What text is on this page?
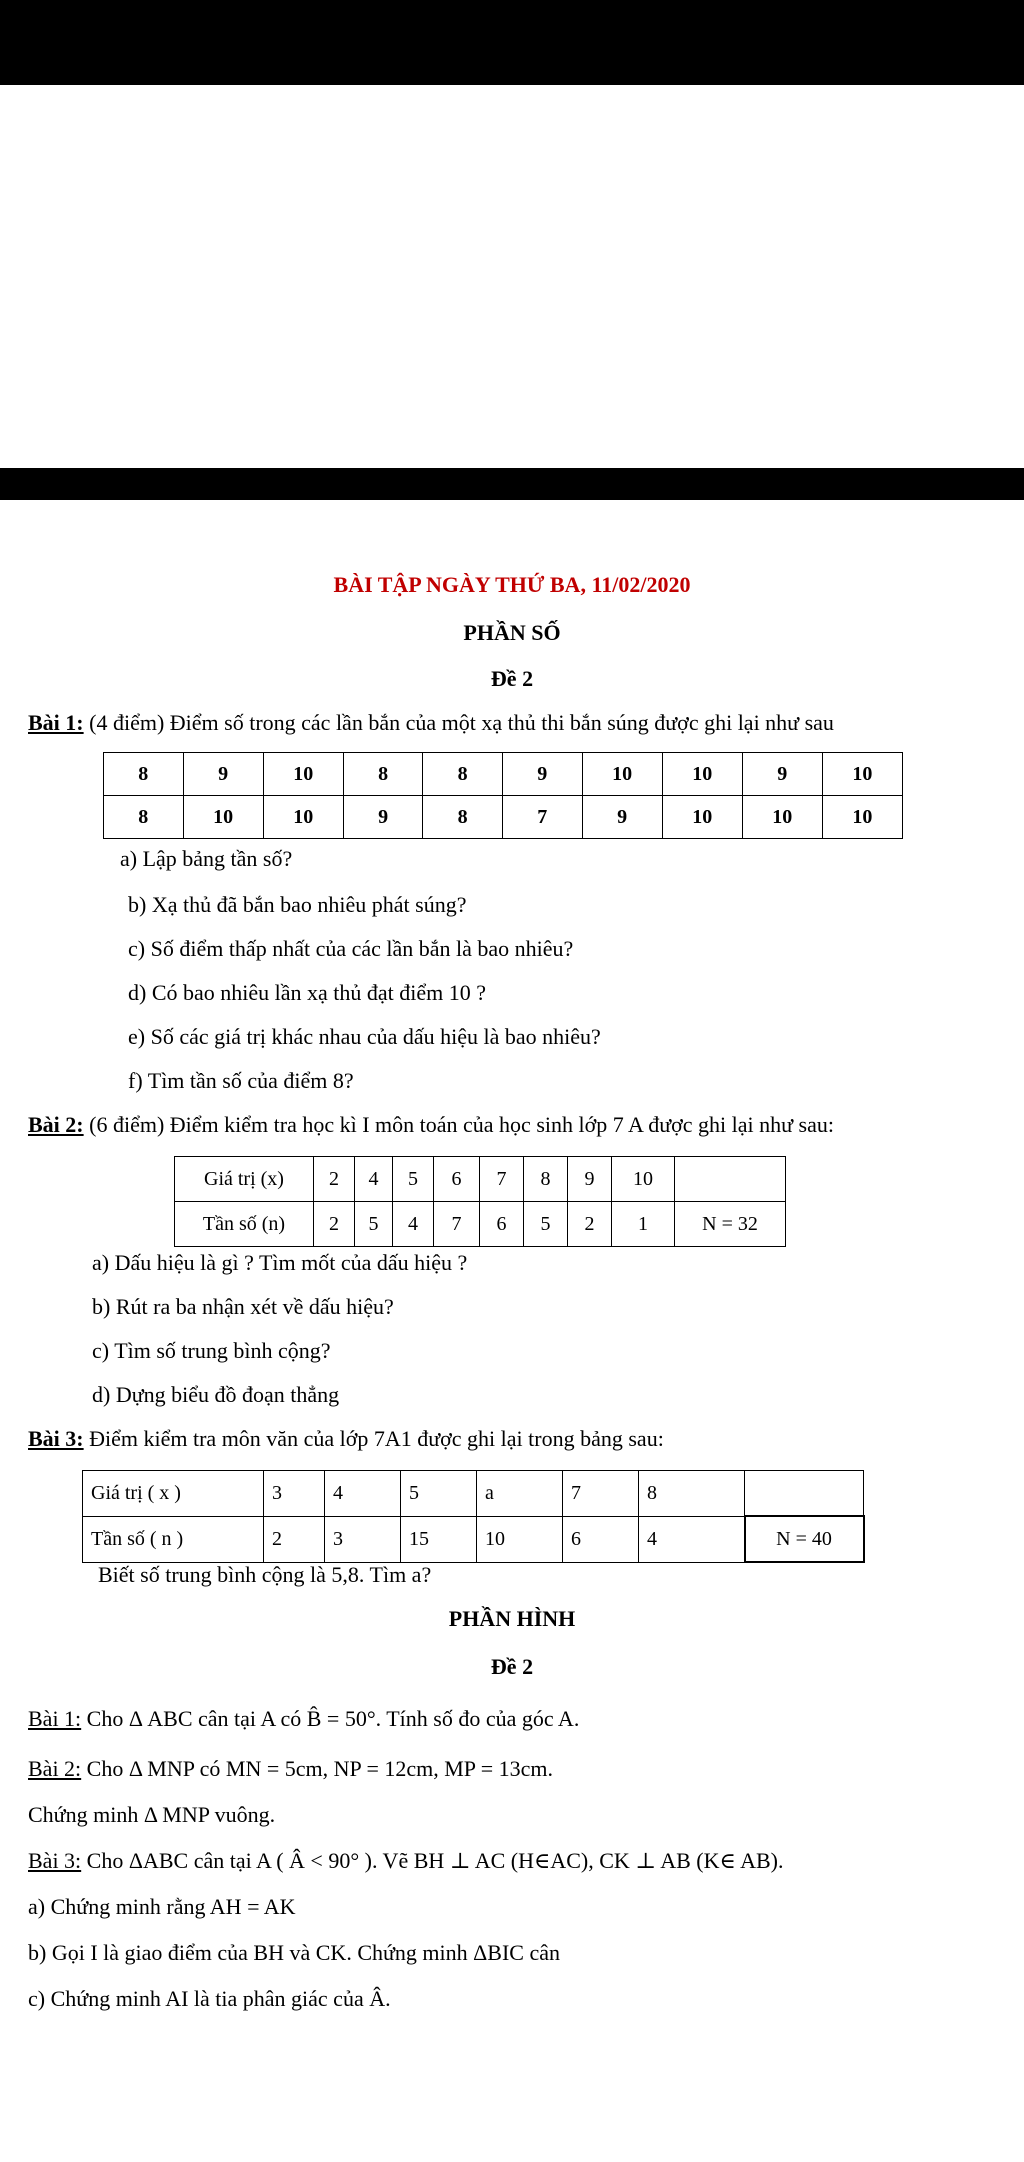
BÀI TẬP NGÀY THỨ BA, 11/02/2020
PHẦN SỐ
Đề 2
Bài 1: (4 điểm) Điểm số trong các lần bắn của một xạ thủ thi bắn súng được ghi lại như sau
8	9	10	8	8	9	10	10	9	10
8	10	10	9	8	7	9	10	10	10
a) Lập bảng tần số?
b) Xạ thủ đã bắn bao nhiêu phát súng?
c) Số điểm thấp nhất của các lần bắn là bao nhiêu?
d) Có bao nhiêu lần xạ thủ đạt điểm 10 ?
e) Số các giá trị khác nhau của dấu hiệu là bao nhiêu?
f) Tìm tần số của điểm 8?
Bài 2: (6 điểm) Điểm kiểm tra học kì I môn toán của học sinh lớp 7 A được ghi lại như sau:
Giá trị (x)	2	4	5	6	7	8	9	10	
Tần số (n)	2	5	4	7	6	5	2	1	N = 32
a) Dấu hiệu là gì ? Tìm mốt của dấu hiệu ?
b) Rút ra ba nhận xét về dấu hiệu?
c) Tìm số trung bình cộng?
d) Dựng biểu đồ đoạn thẳng
Bài 3: Điểm kiểm tra môn văn của lớp 7A1 được ghi lại trong bảng sau:
Giá trị ( x )	3	4	5	a	7	8	
Tần số ( n )	2	3	15	10	6	4	N = 40
Biết số trung bình cộng là 5,8. Tìm a?
PHẦN HÌNH
Đề 2
Bài 1: Cho Δ ABC cân tại A có B̂ = 50°. Tính số đo của góc A.
Bài 2: Cho Δ MNP có MN = 5cm, NP = 12cm, MP = 13cm.
Chứng minh Δ MNP vuông.
Bài 3: Cho ΔABC cân tại A ( Â < 90° ). Vẽ BH ⊥ AC (H∈AC), CK ⊥ AB (K∈ AB).
a) Chứng minh rằng AH = AK
b) Gọi I là giao điểm của BH và CK. Chứng minh ΔBIC cân
c) Chứng minh AI là tia phân giác của Â.
